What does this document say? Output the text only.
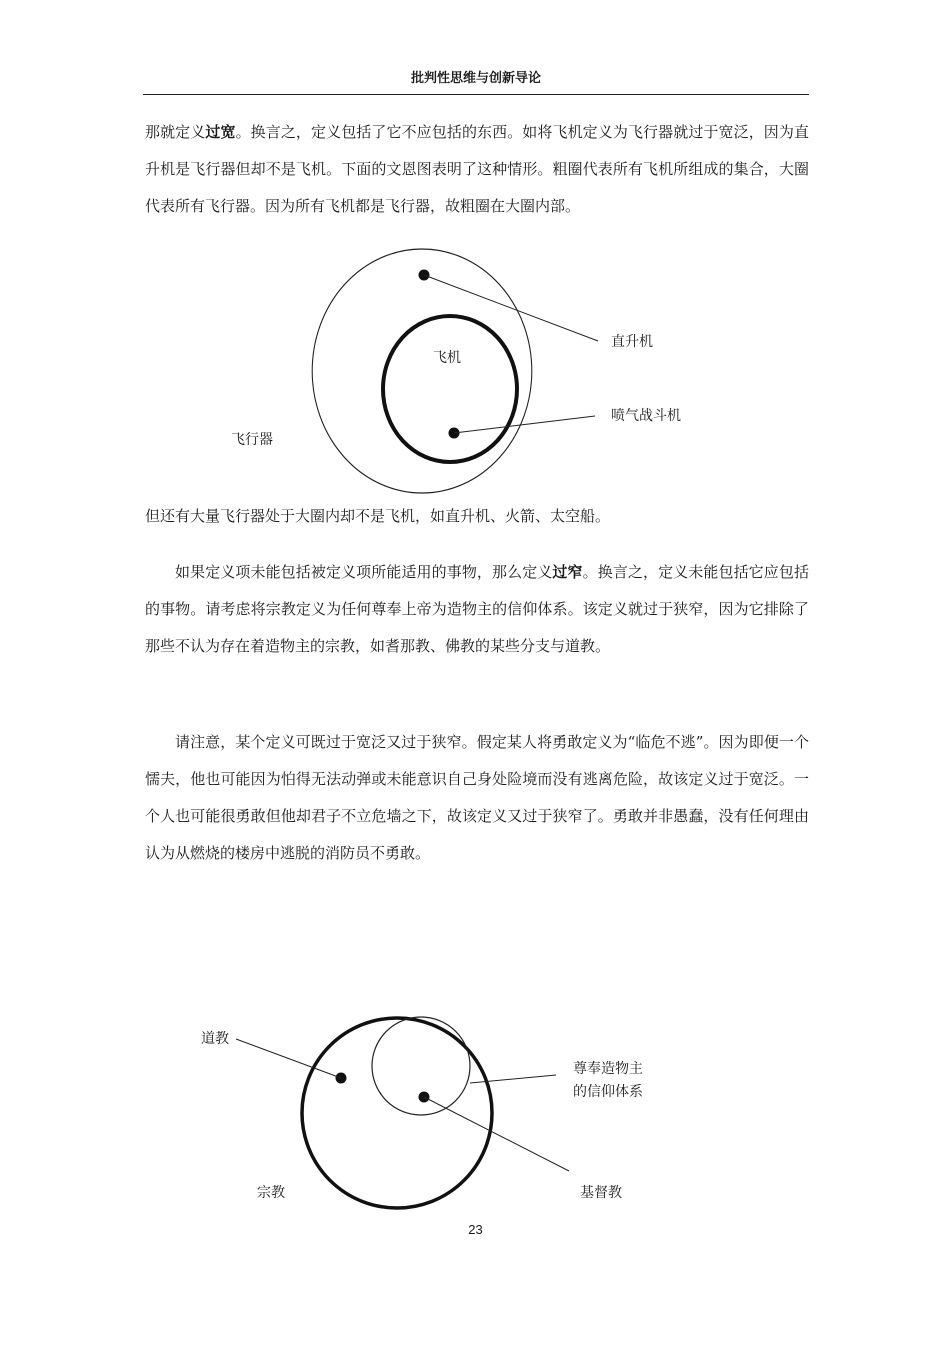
批判性思维与创新导论

那就定义过宽。换言之，定义包括了它不应包括的东西。如将飞机定义为飞行器就过于宽泛，因为直升机是飞行器但却不是飞机。下面的文恩图表明了这种情形。粗圈代表所有飞机所组成的集合，大圈代表所有飞行器。因为所有飞机都是飞行器，故粗圈在大圈内部。

飞机
飞行器
直升机
喷气战斗机

但还有大量飞行器处于大圈内却不是飞机，如直升机、火箭、太空船。

如果定义项未能包括被定义项所能适用的事物，那么定义过窄。换言之，定义未能包括它应包括的事物。请考虑将宗教定义为任何尊奉上帝为造物主的信仰体系。该定义就过于狭窄，因为它排除了那些不认为存在着造物主的宗教，如耆那教、佛教的某些分支与道教。

请注意，某个定义可既过于宽泛又过于狭窄。假定某人将勇敢定义为“临危不逃”。因为即便一个懦夫，他也可能因为怕得无法动弹或未能意识自己身处险境而没有逃离危险，故该定义过于宽泛。一个人也可能很勇敢但他却君子不立危墙之下，故该定义又过于狭窄了。勇敢并非愚蠢，没有任何理由认为从燃烧的楼房中逃脱的消防员不勇敢。

道教
尊奉造物主
的信仰体系
宗教	基督教
23
